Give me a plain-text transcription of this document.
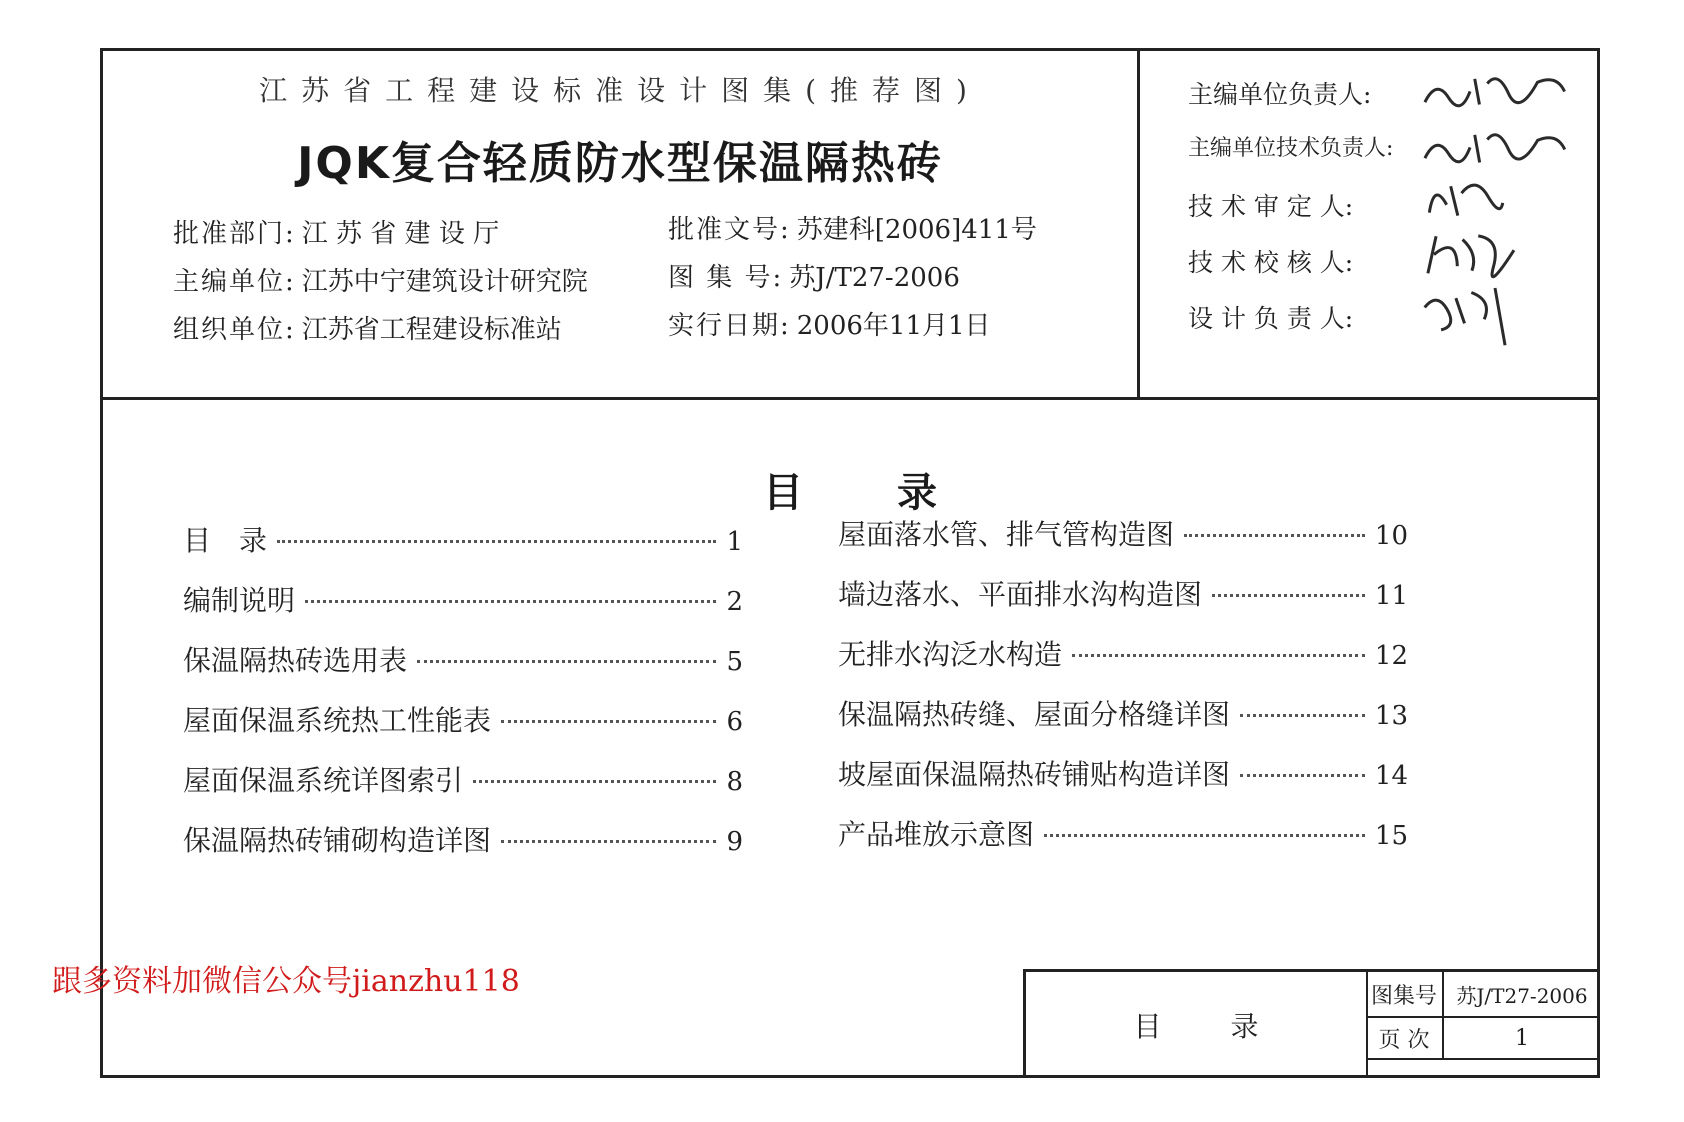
江苏省工程建设标准设计图集(推荐图)
JQK复合轻质防水型保温隔热砖
批准部门: 江 苏 省 建 设 厅
主编单位: 江苏中宁建筑设计研究院
组织单位: 江苏省工程建设标准站
批准文号: 苏建科[2006]411号
图 集 号: 苏J/T27-2006
实行日期: 2006年11月1日
主编单位负责人:
主编单位技术负责人:
技 术 审 定 人:
技 术 校 核 人:
设 计 负 责 人:
目 录
目　录	1
编制说明	2
保温隔热砖选用表	5
屋面保温系统热工性能表	6
屋面保温系统详图索引	8
保温隔热砖铺砌构造详图	9
屋面落水管、排气管构造图	10
墙边落水、平面排水沟构造图	11
无排水沟泛水构造	12
保温隔热砖缝、屋面分格缝详图	13
坡屋面保温隔热砖铺贴构造详图	14
产品堆放示意图	15
目 录
图集号 苏J/T27-2006
页 次	1
跟多资料加微信公众号jianzhu118
